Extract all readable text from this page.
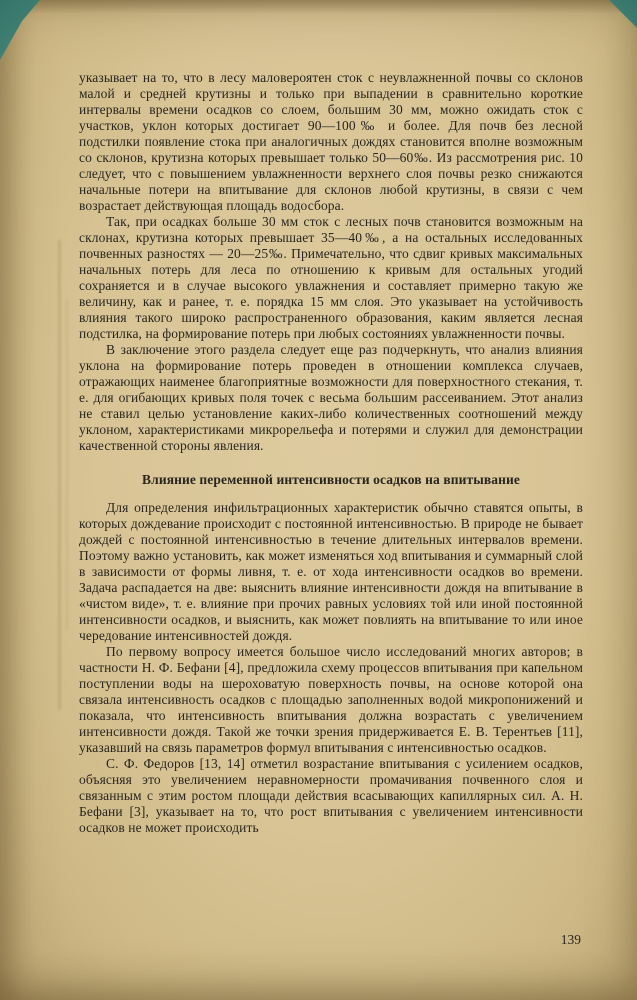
указывает на то, что в лесу маловероятен сток с неувлажненной почвы со склонов малой и средней крутизны и только при выпадении в сравнительно короткие интервалы времени осадков со слоем, большим 30 мм, можно ожидать сток с участков, уклон которых достигает 90—100‰ и более. Для почв без лесной подстилки появление стока при аналогичных дождях становится вполне возможным со склонов, крутизна которых превышает только 50—60‰. Из рассмотрения рис. 10 следует, что с повышением увлажненности верхнего слоя почвы резко снижаются начальные потери на впитывание для склонов любой крутизны, в связи с чем возрастает действующая площадь водосбора.

Так, при осадках больше 30 мм сток с лесных почв становится возможным на склонах, крутизна которых превышает 35—40‰, а на остальных исследованных почвенных разностях — 20—25‰. Примечательно, что сдвиг кривых максимальных начальных потерь для леса по отношению к кривым для остальных угодий сохраняется и в случае высокого увлажнения и составляет примерно такую же величину, как и ранее, т. е. порядка 15 мм слоя. Это указывает на устойчивость влияния такого широко распространенного образования, каким является лесная подстилка, на формирование потерь при любых состояниях увлажненности почвы.

В заключение этого раздела следует еще раз подчеркнуть, что анализ влияния уклона на формирование потерь проведен в отношении комплекса случаев, отражающих наименее благоприятные возможности для поверхностного стекания, т. е. для огибающих кривых поля точек с весьма большим рассеиванием. Этот анализ не ставил целью установление каких-либо количественных соотношений между уклоном, характеристиками микрорельефа и потерями и служил для демонстрации качественной стороны явления.

Влияние переменной интенсивности осадков на впитывание

Для определения инфильтрационных характеристик обычно ставятся опыты, в которых дождевание происходит с постоянной интенсивностью. В природе не бывает дождей с постоянной интенсивностью в течение длительных интервалов времени. Поэтому важно установить, как может изменяться ход впитывания и суммарный слой в зависимости от формы ливня, т. е. от хода интенсивности осадков во времени. Задача распадается на две: выяснить влияние интенсивности дождя на впитывание в «чистом виде», т. е. влияние при прочих равных условиях той или иной постоянной интенсивности осадков, и выяснить, как может повлиять на впитывание то или иное чередование интенсивностей дождя.

По первому вопросу имеется большое число исследований многих авторов; в частности Н. Ф. Бефани [4], предложила схему процессов впитывания при капельном поступлении воды на шероховатую поверхность почвы, на основе которой она связала интенсивность осадков с площадью заполненных водой микропонижений и показала, что интенсивность впитывания должна возрастать с увеличением интенсивности дождя. Такой же точки зрения придерживается Е. В. Терентьев [11], указавший на связь параметров формул впитывания с интенсивностью осадков.

С. Ф. Федоров [13, 14] отметил возрастание впитывания с усилением осадков, объясняя это увеличением неравномерности промачивания почвенного слоя и связанным с этим ростом площади действия всасывающих капиллярных сил. А. Н. Бефани [3], указывает на то, что рост впитывания с увеличением интенсивности осадков не может происходить

139
